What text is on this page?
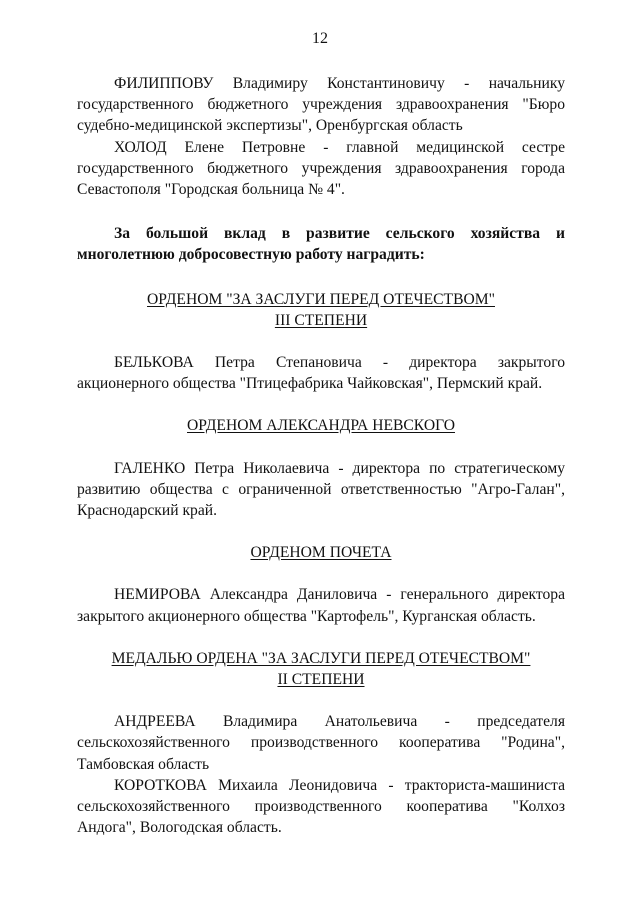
12

ФИЛИППОВУ Владимиру Константиновичу - начальнику государственного бюджетного учреждения здравоохранения "Бюро судебно-медицинской экспертизы", Оренбургская область

ХОЛОД Елене Петровне - главной медицинской сестре государственного бюджетного учреждения здравоохранения города Севастополя "Городская больница № 4".

За большой вклад в развитие сельского хозяйства и многолетнюю добросовестную работу наградить:

ОРДЕНОМ "ЗА ЗАСЛУГИ ПЕРЕД ОТЕЧЕСТВОМ"
III СТЕПЕНИ

БЕЛЬКОВА Петра Степановича - директора закрытого акционерного общества "Птицефабрика Чайковская", Пермский край.

ОРДЕНОМ АЛЕКСАНДРА НЕВСКОГО

ГАЛЕНКО Петра Николаевича - директора по стратегическому развитию общества с ограниченной ответственностью "Агро-Галан", Краснодарский край.

ОРДЕНОМ ПОЧЕТА

НЕМИРОВА Александра Даниловича - генерального директора закрытого акционерного общества "Картофель", Курганская область.

МЕДАЛЬЮ ОРДЕНА "ЗА ЗАСЛУГИ ПЕРЕД ОТЕЧЕСТВОМ"
II СТЕПЕНИ

АНДРЕЕВА Владимира Анатольевича - председателя сельскохозяйственного производственного кооператива "Родина", Тамбовская область

КОРОТКОВА Михаила Леонидовича - тракториста-машиниста сельскохозяйственного производственного кооператива "Колхоз Андога", Вологодская область.
